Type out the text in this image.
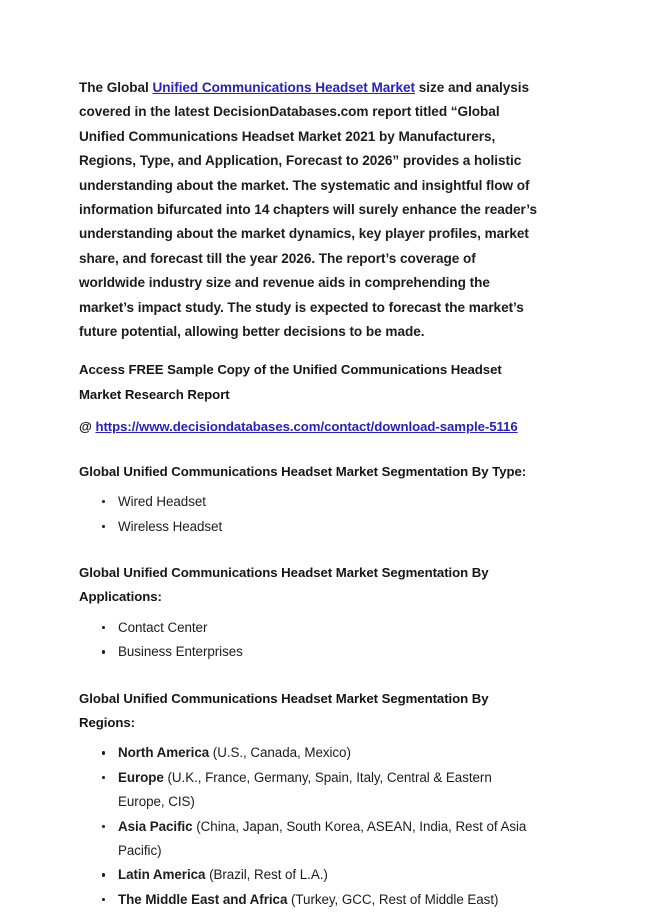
The Global Unified Communications Headset Market size and analysis covered in the latest DecisionDatabases.com report titled “Global Unified Communications Headset Market 2021 by Manufacturers, Regions, Type, and Application, Forecast to 2026” provides a holistic understanding about the market. The systematic and insightful flow of information bifurcated into 14 chapters will surely enhance the reader’s understanding about the market dynamics, key player profiles, market share, and forecast till the year 2026. The report’s coverage of worldwide industry size and revenue aids in comprehending the market’s impact study. The study is expected to forecast the market’s future potential, allowing better decisions to be made.

Access FREE Sample Copy of the Unified Communications Headset Market Research Report

@ https://www.decisiondatabases.com/contact/download-sample-5116

Global Unified Communications Headset Market Segmentation By Type:

Wired Headset
Wireless Headset

Global Unified Communications Headset Market Segmentation By Applications:

Contact Center
Business Enterprises

Global Unified Communications Headset Market Segmentation By Regions:

North America (U.S., Canada, Mexico)
Europe (U.K., France, Germany, Spain, Italy, Central & Eastern Europe, CIS)
Asia Pacific (China, Japan, South Korea, ASEAN, India, Rest of Asia Pacific)
Latin America (Brazil, Rest of L.A.)
The Middle East and Africa (Turkey, GCC, Rest of Middle East)
